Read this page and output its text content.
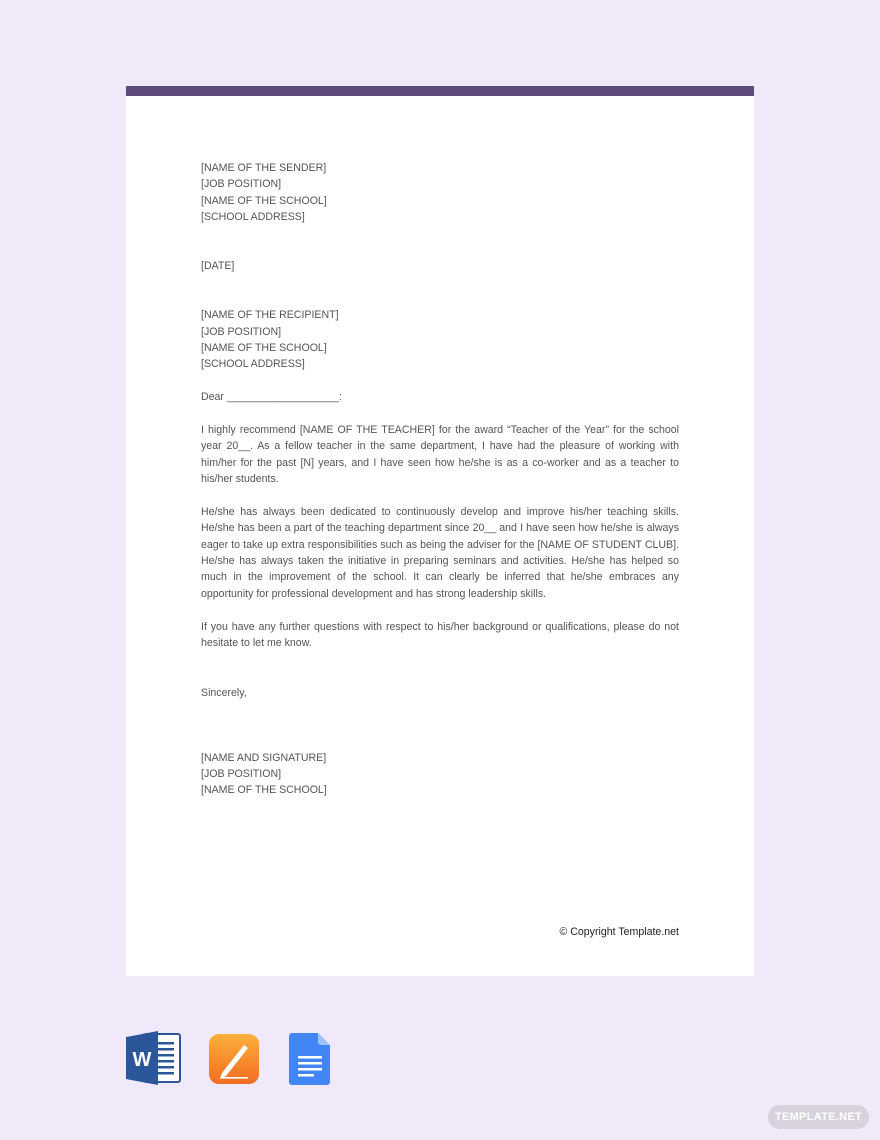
[NAME OF THE SENDER]

[JOB POSITION]

[NAME OF THE SCHOOL]

[SCHOOL ADDRESS]

[DATE]

[NAME OF THE RECIPIENT]

[JOB POSITION]

[NAME OF THE SCHOOL]

[SCHOOL ADDRESS]

Dear ___________________:

I highly recommend [NAME OF THE TEACHER] for the award “Teacher of the Year” for the school year 20__. As a fellow teacher in the same department, I have had the pleasure of working with him/her for the past [N] years, and I have seen how he/she is as a co-worker and as a teacher to his/her students.

He/she has always been dedicated to continuously develop and improve his/her teaching skills. He/she has been a part of the teaching department since 20__ and I have seen how he/she is always eager to take up extra responsibilities such as being the adviser for the [NAME OF STUDENT CLUB]. He/she has always taken the initiative in preparing seminars and activities. He/she has helped so much in the improvement of the school. It can clearly be inferred that he/she embraces any opportunity for professional development and has strong leadership skills.

If you have any further questions with respect to his/her background or qualifications, please do not hesitate to let me know.

Sincerely,

[NAME AND SIGNATURE]

[JOB POSITION]

[NAME OF THE SCHOOL]

© Copyright Template.net
W
TEMPLATE.NET
